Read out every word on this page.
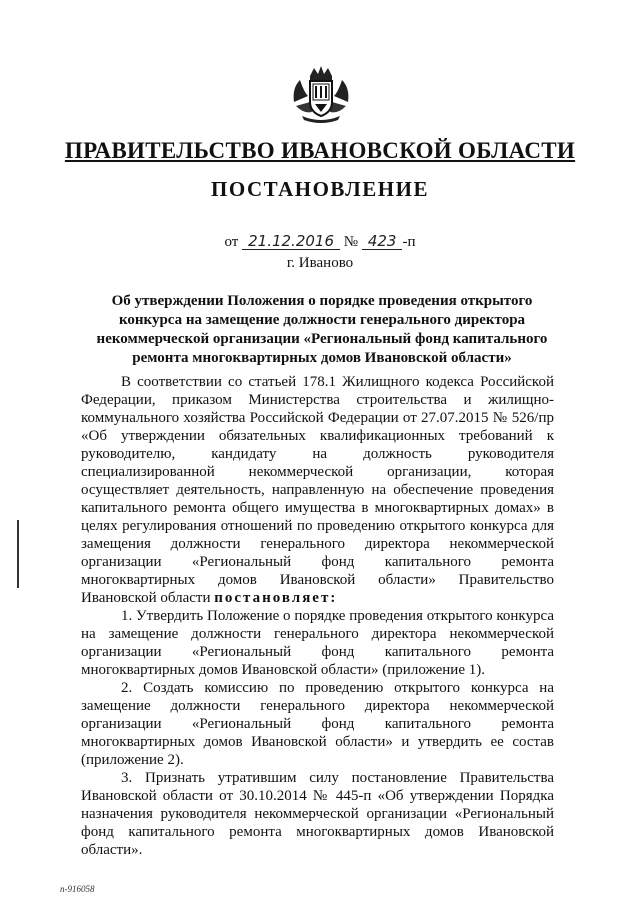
ПРАВИТЕЛЬСТВО ИВАНОВСКОЙ ОБЛАСТИ
ПОСТАНОВЛЕНИЕ
от 21.12.2016 № 423 -п
г. Иваново
Об утверждении Положения о порядке проведения открытого конкурса на замещение должности генерального директора некоммерческой организации «Региональный фонд капитального ремонта многоквартирных домов Ивановской области»

В соответствии со статьей 178.1 Жилищного кодекса Российской Федерации, приказом Министерства строительства и жилищно-коммунального хозяйства Российской Федерации от 27.07.2015 № 526/пр «Об утверждении обязательных квалификационных требований к руководителю, кандидату на должность руководителя специализированной некоммерческой организации, которая осуществляет деятельность, направленную на обеспечение проведения капитального ремонта общего имущества в многоквартирных домах» в целях регулирования отношений по проведению открытого конкурса для замещения должности генерального директора некоммерческой организации «Региональный фонд капитального ремонта многоквартирных домов Ивановской области» Правительство Ивановской области постановляет:

1. Утвердить Положение о порядке проведения открытого конкурса на замещение должности генерального директора некоммерческой организации «Региональный фонд капитального ремонта многоквартирных домов Ивановской области» (приложение 1).

2. Создать комиссию по проведению открытого конкурса на замещение должности генерального директора некоммерческой организации «Региональный фонд капитального ремонта многоквартирных домов Ивановской области» и утвердить ее состав (приложение 2).

3. Признать утратившим силу постановление Правительства Ивановской области от 30.10.2014 № 445-п «Об утверждении Порядка назначения руководителя некоммерческой организации «Региональный фонд капитального ремонта многоквартирных домов Ивановской области».

п-916058
